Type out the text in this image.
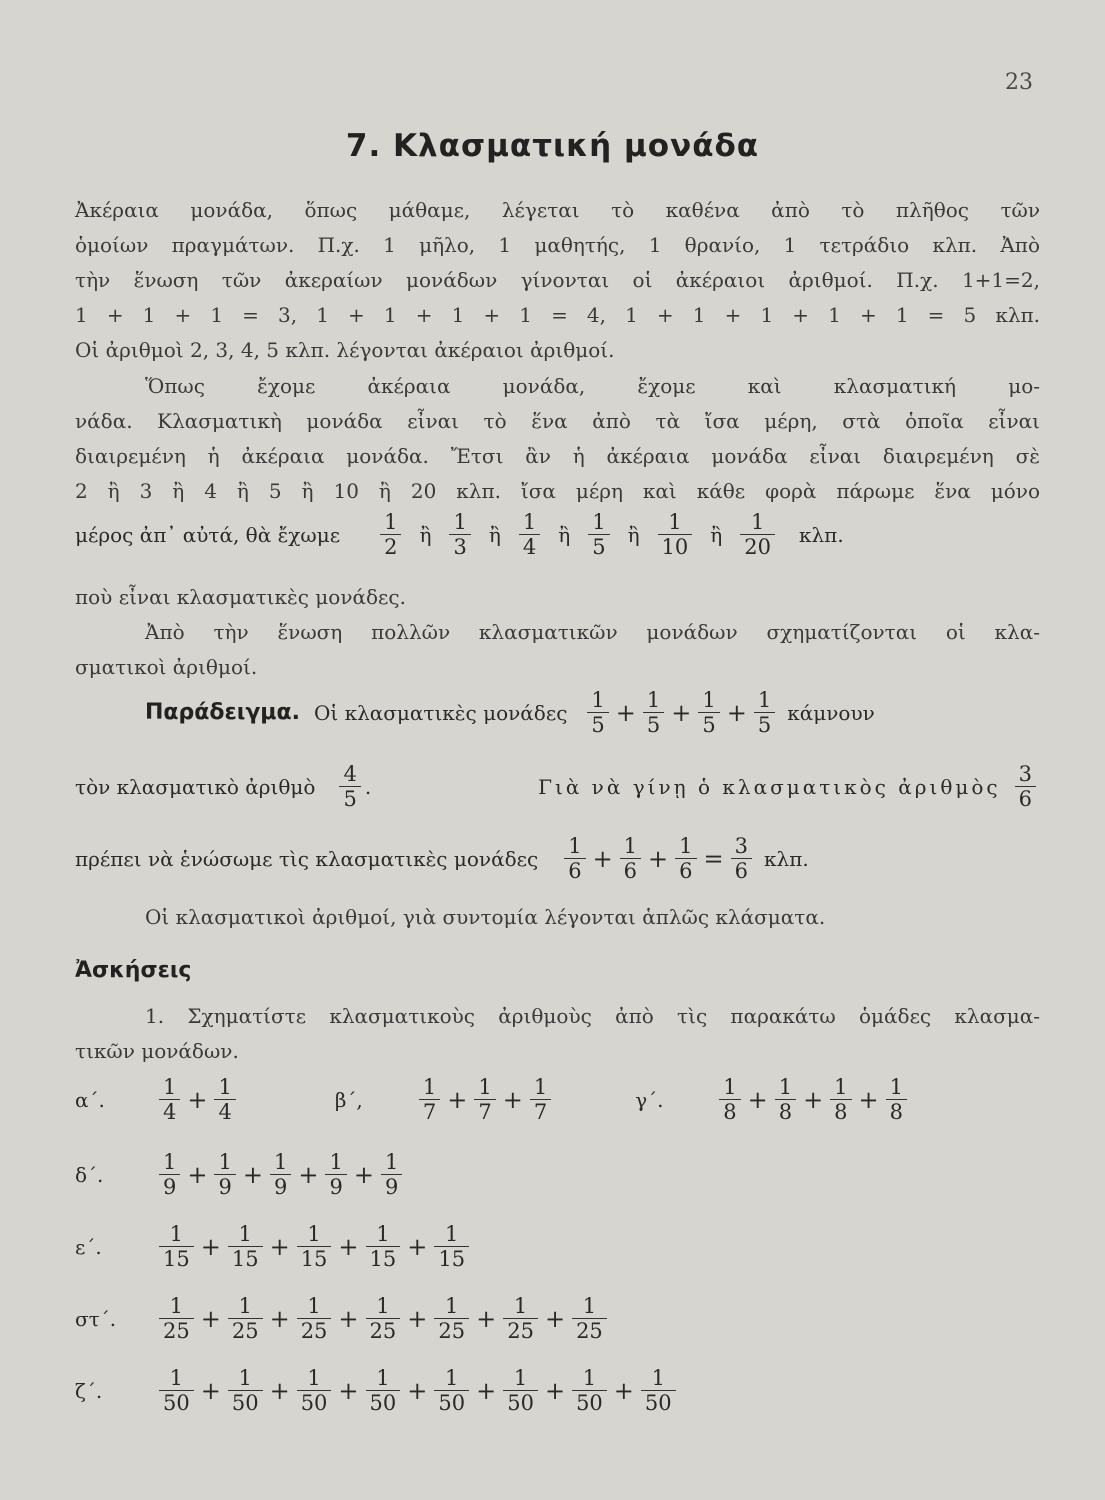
23
7. Κλασματική μονάδα
Ἀκέραια μονάδα, ὅπως μάθαμε, λέγεται τὸ καθένα ἀπὸ τὸ πλῆθος τῶν
ὁμοίων πραγμάτων. Π.χ. 1 μῆλο, 1 μαθητής, 1 θρανίο, 1 τετράδιο κλπ. Ἀπὸ
τὴν ἕνωση τῶν ἀκεραίων μονάδων γίνονται οἱ ἀκέραιοι ἀριθμοί. Π.χ. 1+1=2,
1 + 1 + 1 = 3, 1 + 1 + 1 + 1 = 4, 1 + 1 + 1 + 1 + 1 = 5 κλπ.
Οἱ ἀριθμοὶ 2, 3, 4, 5 κλπ. λέγονται ἀκέραιοι ἀριθμοί.
Ὅπως ἔχομε ἀκέραια μονάδα, ἔχομε καὶ κλασματική μο-
νάδα. Κλασματικὴ μονάδα εἶναι τὸ ἕνα ἀπὸ τὰ ἴσα μέρη, στὰ ὁποῖα εἶναι
διαιρεμένη ἡ ἀκέραια μονάδα. Ἔτσι ἂν ἡ ἀκέραια μονάδα εἶναι διαιρεμένη σὲ
2 ἢ 3 ἢ 4 ἢ 5 ἢ 10 ἢ 20 κλπ. ἴσα μέρη καὶ κάθε φορὰ πάρωμε ἕνα μόνο
μέρος ἀπ᾽ αὐτά, θὰ ἔχωμε $\frac{1}{2}$ ἢ $\frac{1}{3}$ ἢ $\frac{1}{4}$ ἢ $\frac{1}{5}$ ἢ $\frac{1}{10}$ ἢ $\frac{1}{20} \kappa\lambda\pi$.
ποὺ εἶναι κλασματικὲς μονάδες.
Ἀπὸ τὴν ἕνωση πολλῶν κλασματικῶν μονάδων σχηματίζονται οἱ κλα-
σματικοὶ ἀριθμοί.
Παράδειγμα. Οἱ κλασματικὲς μονάδες $\frac{1}{5} + \frac{1}{5} + \frac{1}{5} + \frac{1}{5}$ κάμνουν
τὸν κλασματικὸ ἀριθμὸ $\frac{4}{5}$ .	Γιὰ νὰ γίνῃ ὁ κλασματικὸς ἀριθμὸς $\frac{3}{6}$
πρέπει νὰ ἑνώσωμε τὶς κλασματικὲς μονάδες $\frac{1}{6} + \frac{1}{6} + \frac{1}{6} = \frac{3}{6} \kappa\lambda\pi$.
Οἱ κλασματικοὶ ἀριθμοί, γιὰ συντομία λέγονται ἁπλῶς κλάσματα.
Ἀσκήσεις
1. Σχηματίστε κλασματικοὺς ἀριθμοὺς ἀπὸ τὶς παρακάτω ὁμάδες κλασμα-
τικῶν μονάδων.
α΄.	$\frac{1}{4} + \frac{1}{4}$	β΄,	$\frac{1}{7} + \frac{1}{7} + \frac{1}{7}$	γ΄.	$\frac{1}{8} + \frac{1}{8} + \frac{1}{8} + \frac{1}{8}$
δ΄.	$\frac{1}{9} + \frac{1}{9} + \frac{1}{9} + \frac{1}{9} + \frac{1}{9}$
ε΄.	$\frac{1}{15} + \frac{1}{15} + \frac{1}{15} + \frac{1}{15} + \frac{1}{15}$
στ΄.	$\frac{1}{25} + \frac{1}{25} + \frac{1}{25} + \frac{1}{25} + \frac{1}{25} + \frac{1}{25} + \frac{1}{25}$
ζ΄.	$\frac{1}{50} + \frac{1}{50} + \frac{1}{50} + \frac{1}{50} + \frac{1}{50} + \frac{1}{50} + \frac{1}{50} + \frac{1}{50}$
